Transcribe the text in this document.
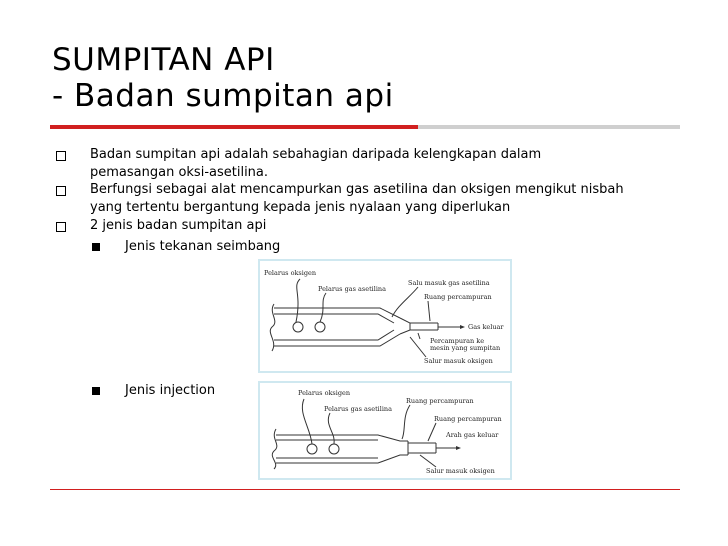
SUMPITAN API
- Badan sumpitan api
Badan sumpitan api adalah sebahagian daripada kelengkapan dalam
pemasangan oksi-asetilina.
Berfungsi sebagai alat mencampurkan gas asetilina dan oksigen mengikut nisbah
yang tertentu bergantung kepada jenis nyalaan yang diperlukan
2 jenis badan sumpitan api
Jenis tekanan seimbang
Jenis injection
Pelarus oksigen
Pelarus gas asetilina
Salu masuk gas asetilina
Ruang percampuran
Gas keluar
Percampuran ke
mesin yang sumpitan
Salur masuk oksigen
Pelarus oksigen
Pelarus gas asetilina
Ruang percampuran
Ruang percampuran
Arah gas keluar
Salur masuk oksigen
